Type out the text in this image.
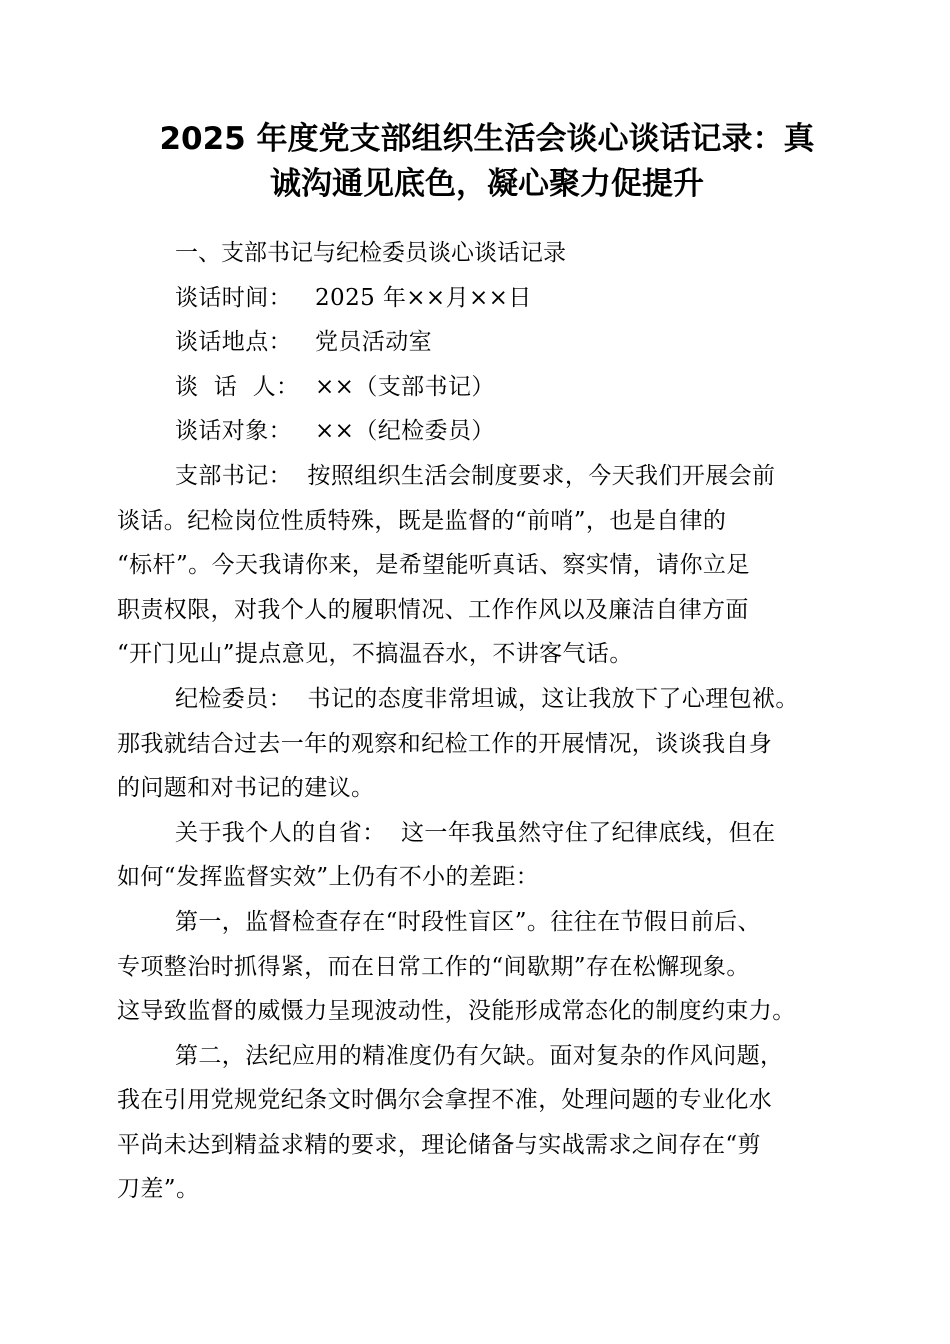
2025 年度党支部组织生活会谈心谈话记录：真
诚沟通见底色，凝心聚力促提升
一、支部书记与纪检委员谈心谈话记录
谈话时间： 2025 年××月××日
谈话地点： 党员活动室
谈  话  人： ××（支部书记）
谈话对象： ××（纪检委员）
支部书记：  按照组织生活会制度要求，今天我们开展会前
谈话。纪检岗位性质特殊，既是监督的“前哨”，也是自律的
“标杆”。今天我请你来，是希望能听真话、察实情，请你立足
职责权限，对我个人的履职情况、工作作风以及廉洁自律方面
“开门见山”提点意见，不搞温吞水，不讲客气话。
纪检委员：  书记的态度非常坦诚，这让我放下了心理包袱。
那我就结合过去一年的观察和纪检工作的开展情况，谈谈我自身
的问题和对书记的建议。
关于我个人的自省：  这一年我虽然守住了纪律底线，但在
如何“发挥监督实效”上仍有不小的差距：
第一，监督检查存在“时段性盲区”。往往在节假日前后、
专项整治时抓得紧，而在日常工作的“间歇期”存在松懈现象。
这导致监督的威慑力呈现波动性，没能形成常态化的制度约束力。
第二，法纪应用的精准度仍有欠缺。面对复杂的作风问题，
我在引用党规党纪条文时偶尔会拿捏不准，处理问题的专业化水
平尚未达到精益求精的要求，理论储备与实战需求之间存在“剪
刀差”。
